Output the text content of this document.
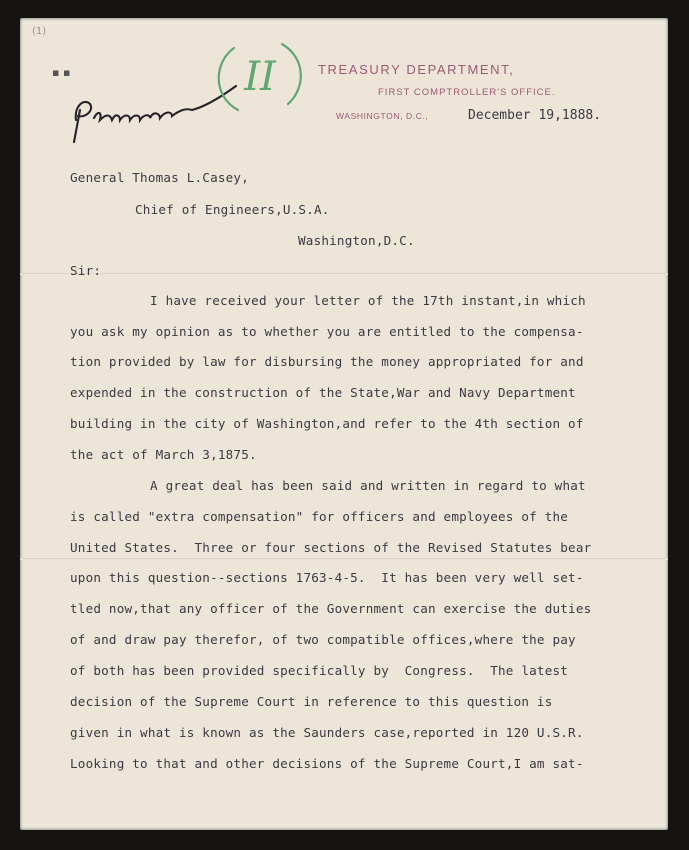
(1)
▪ ▪	II	TREASURY DEPARTMENT,
FIRST COMPTROLLER'S OFFICE.
WASHINGTON, D.C.,	December 19,1888.
General Thomas L.Casey,
Chief of Engineers,U.S.A.
Washington,D.C.
Sir:
I have received your letter of the 17th instant,in which
you ask my opinion as to whether you are entitled to the compensa-
tion provided by law for disbursing the money appropriated for and
expended in the construction of the State,War and Navy Department
building in the city of Washington,and refer to the 4th section of
the act of March 3,1875.
A great deal has been said and written in regard to what
is called "extra compensation" for officers and employees of the
United States.  Three or four sections of the Revised Statutes bear
upon this question--sections 1763-4-5.  It has been very well set-
tled now,that any officer of the Government can exercise the duties
of and draw pay therefor, of two compatible offices,where the pay
of both has been provided specifically by  Congress.  The latest
decision of the Supreme Court in reference to this question is
given in what is known as the Saunders case,reported in 120 U.S.R.
Looking to that and other decisions of the Supreme Court,I am sat-
